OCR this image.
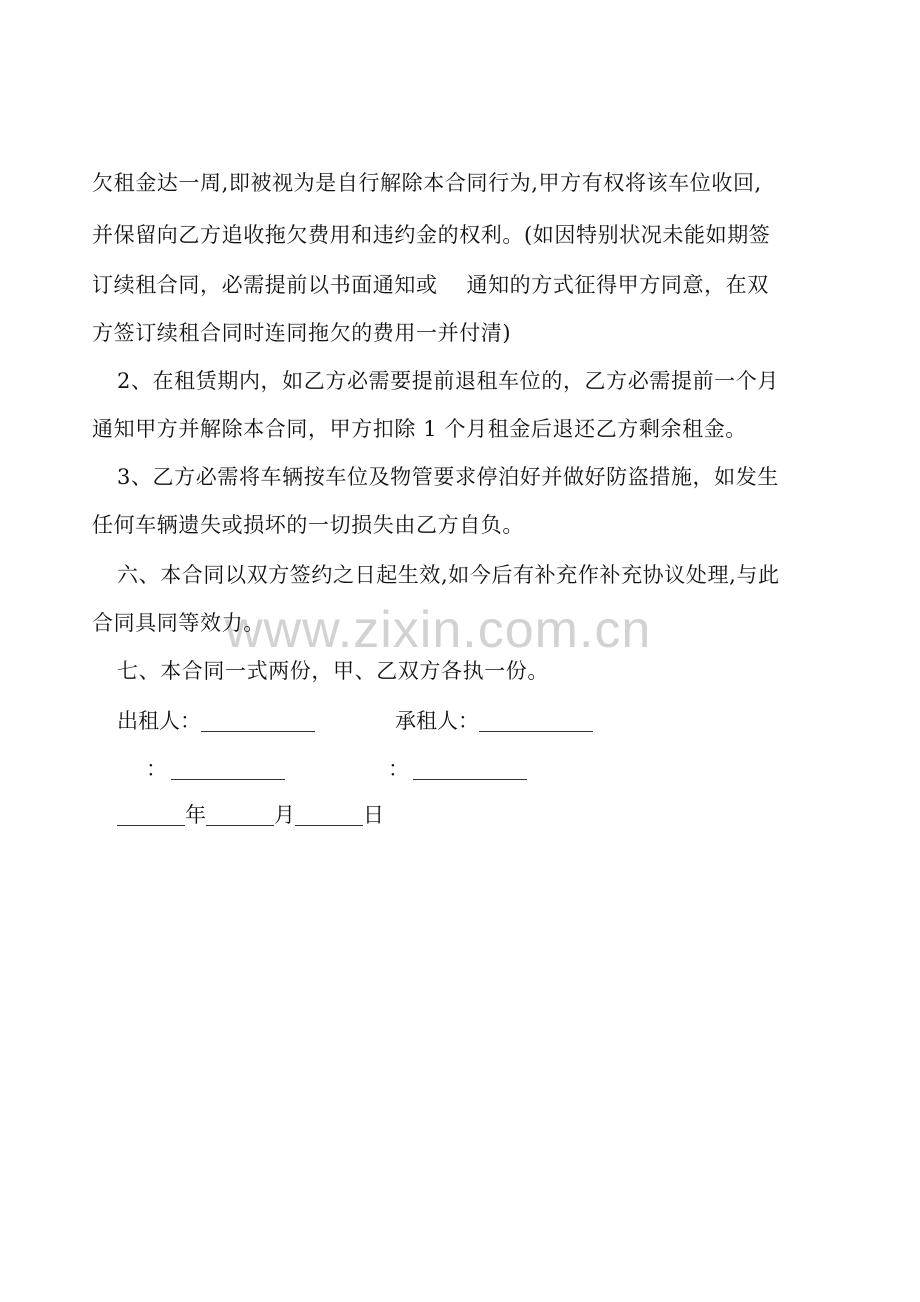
www.zixin.com.cn
欠租金达一周,即被视为是自行解除本合同行为,甲方有权将该车位收回,
并保留向乙方追收拖欠费用和违约金的权利。(如因特别状况未能如期签
订续租合同，必需提前以书面通知或　 通知的方式征得甲方同意，在双
方签订续租合同时连同拖欠的费用一并付清)
2、在租赁期内，如乙方必需要提前退租车位的，乙方必需提前一个月
通知甲方并解除本合同，甲方扣除 1 个月租金后退还乙方剩余租金。
3、乙方必需将车辆按车位及物管要求停泊好并做好防盗措施，如发生
任何车辆遗失或损坏的一切损失由乙方自负。
六、本合同以双方签约之日起生效,如今后有补充作补充协议处理,与此
合同具同等效力。
七、本合同一式两份，甲、乙双方各执一份。
出租人：	承租人：
：	：
年	月	日
